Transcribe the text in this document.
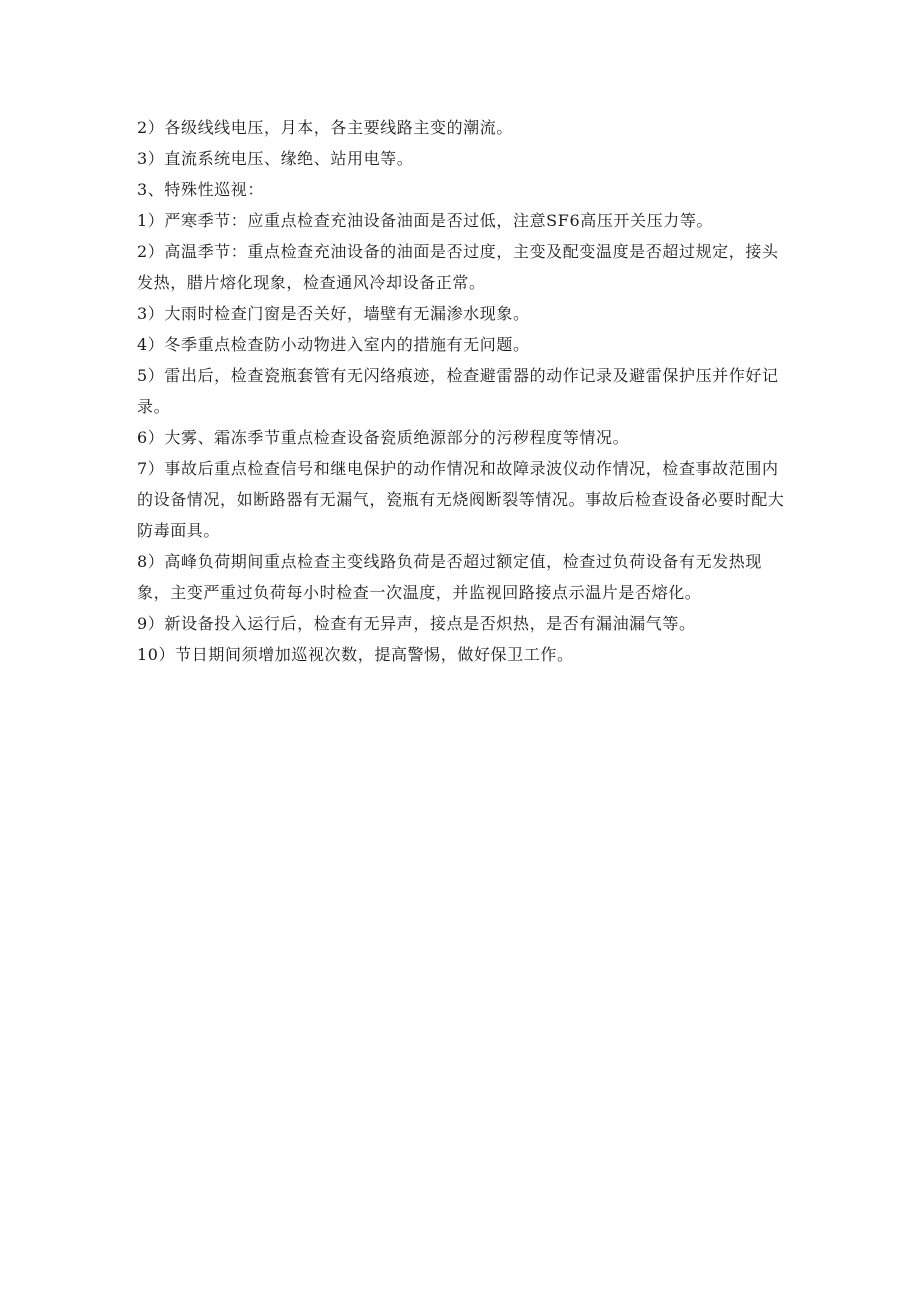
2）各级线线电压，月本，各主要线路主变的潮流。

3）直流系统电压、缘绝、站用电等。

3、特殊性巡视：

1）严寒季节：应重点检查充油设备油面是否过低，注意SF6高压开关压力等。

2）高温季节：重点检查充油设备的油面是否过度，主变及配变温度是否超过规定，接头发热，腊片熔化现象，检查通风冷却设备正常。

3）大雨时检查门窗是否关好，墙壁有无漏渗水现象。

4）冬季重点检查防小动物进入室内的措施有无问题。

5）雷出后，检查瓷瓶套管有无闪络痕迹，检查避雷器的动作记录及避雷保护压并作好记录。

6）大雾、霜冻季节重点检查设备瓷质绝源部分的污秽程度等情况。

7）事故后重点检查信号和继电保护的动作情况和故障录波仪动作情况，检查事故范围内的设备情况，如断路器有无漏气，瓷瓶有无烧阀断裂等情况。事故后检查设备必要时配大防毒面具。

8）高峰负荷期间重点检查主变线路负荷是否超过额定值，检查过负荷设备有无发热现象，主变严重过负荷每小时检查一次温度，并监视回路接点示温片是否熔化。

9）新设备投入运行后，检查有无异声，接点是否炽热，是否有漏油漏气等。

10）节日期间须增加巡视次数，提高警惕，做好保卫工作。
